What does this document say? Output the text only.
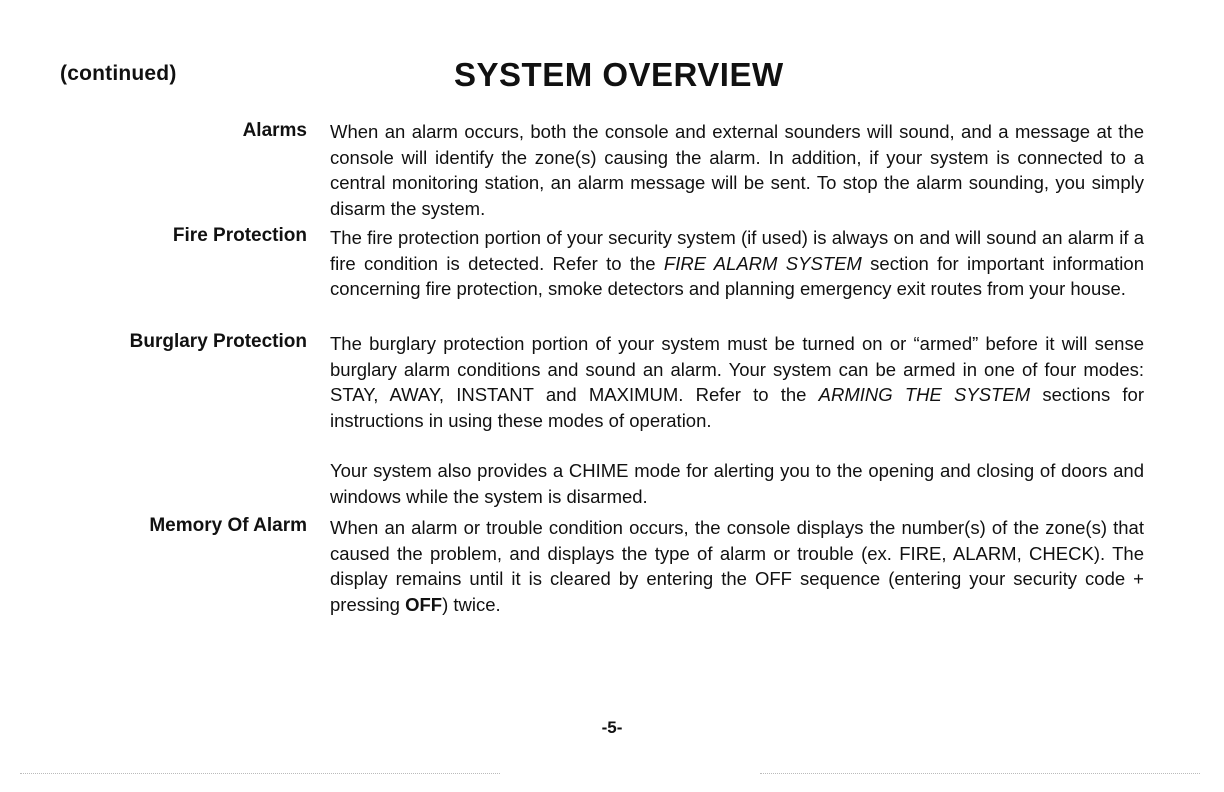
(continued)	SYSTEM OVERVIEW
Alarms When an alarm occurs, both the console and external sounders will sound, and a message at the console will identify the zone(s) causing the alarm. In addition, if your system is connected to a central monitoring station, an alarm message will be sent. To stop the alarm sounding, you simply disarm the system.

Fire Protection The fire protection portion of your security system (if used) is always on and will sound an alarm if a fire condition is detected. Refer to the FIRE ALARM SYSTEM section for important information concerning fire protection, smoke detectors and planning emergency exit routes from your house.

Burglary Protection The burglary protection portion of your system must be turned on or “armed” before it will sense burglary alarm conditions and sound an alarm. Your system can be armed in one of four modes: STAY, AWAY, INSTANT and MAXIMUM. Refer to the ARMING THE SYSTEM sections for instructions in using these modes of operation.

Your system also provides a CHIME mode for alerting you to the opening and closing of doors and windows while the system is disarmed.

Memory Of Alarm When an alarm or trouble condition occurs, the console displays the number(s) of the zone(s) that caused the problem, and displays the type of alarm or trouble (ex. FIRE, ALARM, CHECK). The display remains until it is cleared by entering the OFF sequence (entering your security code + pressing OFF) twice.

-5-
